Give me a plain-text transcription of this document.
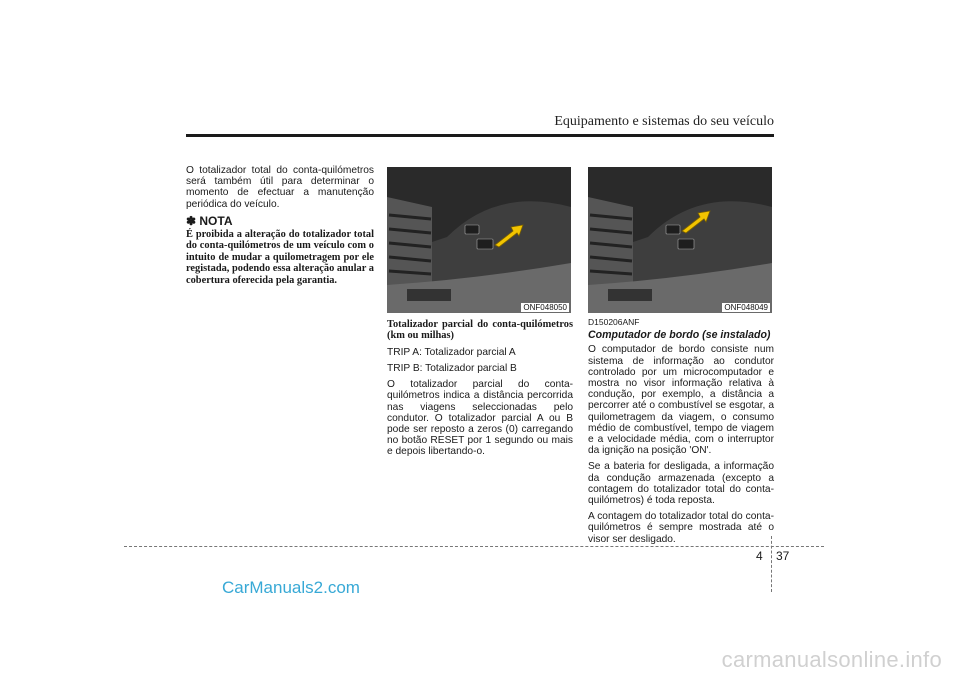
Equipamento e sistemas do seu veículo

O totalizador total do conta-quilómetros será também útil para determinar o momento de efectuar a manutenção periódica do veículo.

✽ NOTA
É proibida a alteração do totalizador total do conta-quilómetros de um veículo com o intuito de mudar a quilometragem por ele registada, podendo essa alteração anular a cobertura oferecida pela garantia.
ONF048050
Totalizador parcial do conta-quilómetros (km ou milhas)

TRIP A: Totalizador parcial A

TRIP B: Totalizador parcial B

O totalizador parcial do conta-quilómetros indica a distância percorrida nas viagens seleccionadas pelo condutor. O totalizador parcial A ou B pode ser reposto a zeros (0) carregando no botão RESET por 1 segundo ou mais e depois libertando-o.

ONF048049
D150206ANF
Computador de bordo (se instalado)

O computador de bordo consiste num sistema de informação ao condutor controlado por um microcomputador e mostra no visor informação relativa à condução, por exemplo, a distância a percorrer até o combustível se esgotar, a quilometragem da viagem, o consumo médio de combustível, tempo de viagem e a velocidade média, com o interruptor da ignição na posição 'ON'.

Se a bateria for desligada, a informação da condução armazenada (excepto a contagem do totalizador total do conta-quilómetros) é toda reposta.

A contagem do totalizador total do conta-quilómetros é sempre mostrada até o visor ser desligado.

4 37
CarManuals2.com
carmanualsonline.info
